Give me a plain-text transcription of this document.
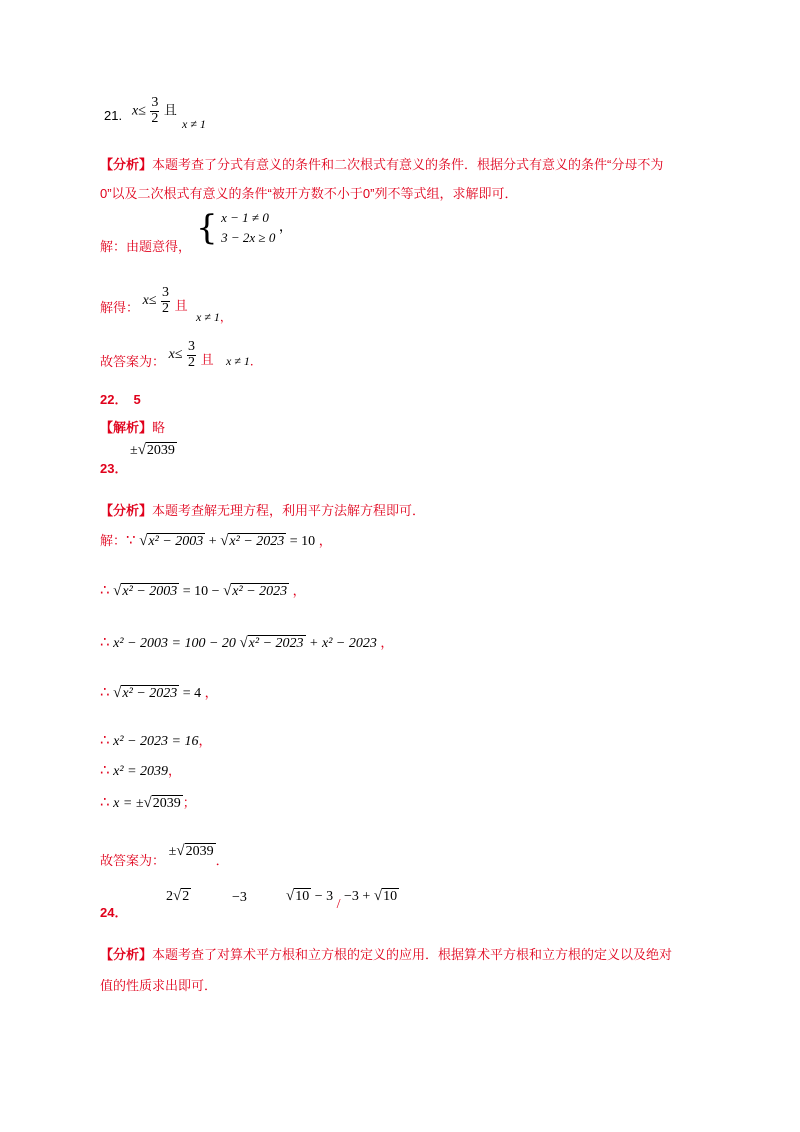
21. $x\le \frac{3}{2}$ 且
x ≠ 1
【分析】本题考查了分式有意义的条件和二次根式有意义的条件．根据分式有意义的条件“分母不为
0”以及二次根式有意义的条件“被开方数不小于0”列不等式组，求解即可．
解：由题意得， { x − 1 ≠ 0
3 − 2x ≥ 0
，
解得： $x\le \frac{3}{2}$ 且
x ≠ 1，
故答案为： $x\le \frac{3}{2}$ 且 x ≠ 1．
22． 5
【解析】略
±√2039
23．
【分析】本题考查解无理方程，利用平方法解方程即可．
解：∵ √x² − 2003 + √x² − 2023 = 10 ，
∴ √x² − 2003 = 10 − √x² − 2023 ，
∴ x² − 2003 = 100 − 20 √x² − 2023 + x² − 2023 ，
∴ √x² − 2023 = 4 ，
∴ x² − 2023 = 16，
∴ x² = 2039，
∴ x = ±√2039 ；
故答案为： ±√2039．
24．
2√2	−3	√10 − 3 / −3 + √10
【分析】本题考查了对算术平方根和立方根的定义的应用．根据算术平方根和立方根的定义以及绝对
值的性质求出即可．
